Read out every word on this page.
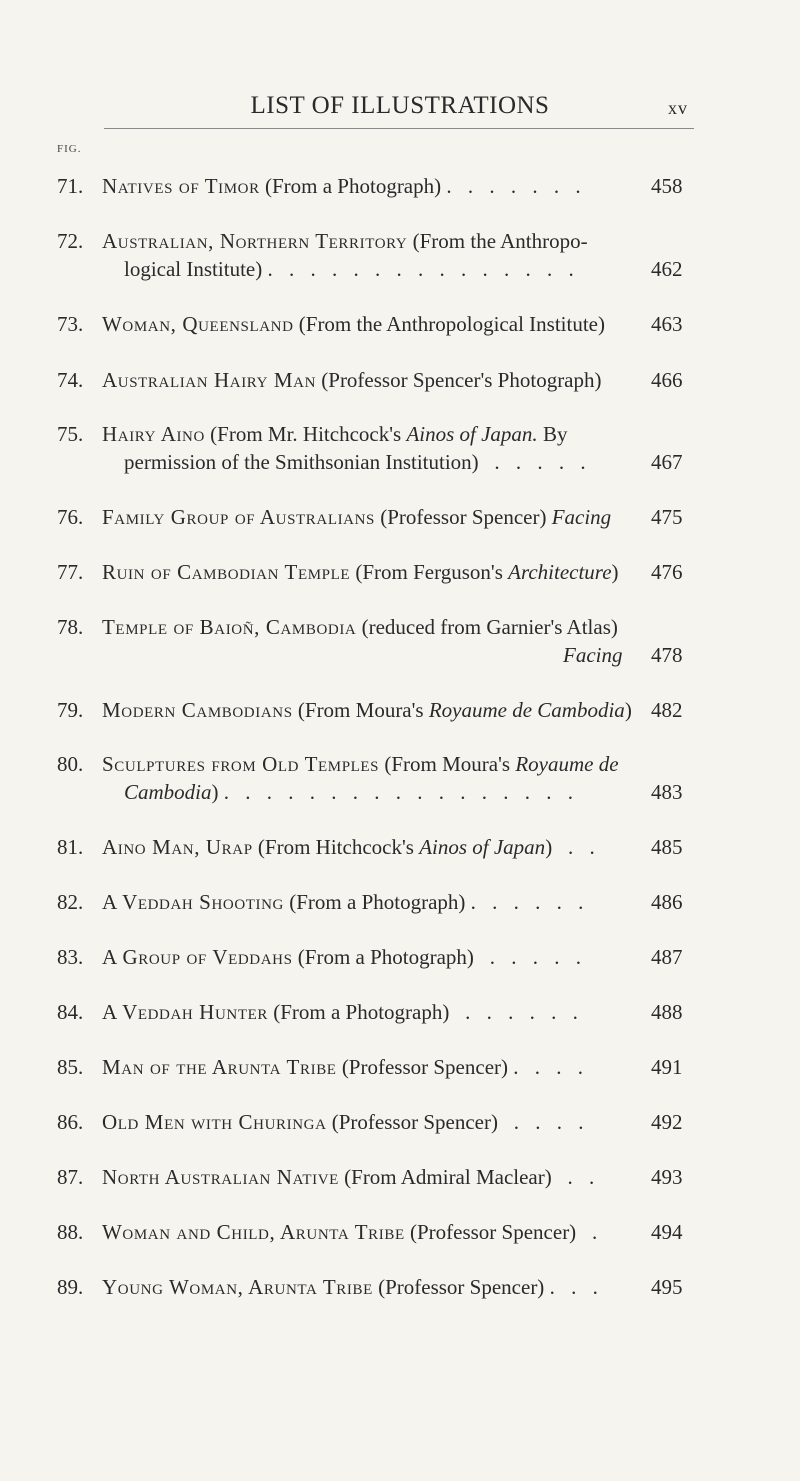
LIST OF ILLUSTRATIONS	xv
FIG.
71. Natives of Timor (From a Photograph) . . . . . . .	458
72. Australian, Northern Territory (From the Anthropo-
logical Institute) . . . . . . . . . . . . . . .	462
73. Woman, Queensland (From the Anthropological Institute) 463
74. Australian Hairy Man (Professor Spencer's Photograph) 466
75. Hairy Aino (From Mr. Hitchcock's Ainos of Japan. By
permission of the Smithsonian Institution) . . . . .	467
76. Family Group of Australians (Professor Spencer) Facing 475
77. Ruin of Cambodian Temple (From Ferguson's Architecture) 476
78. Temple of Baioñ, Cambodia (reduced from Garnier's Atlas)
Facing 478
79. Modern Cambodians (From Moura's Royaume de Cambodia) 482
80. Sculptures from Old Temples (From Moura's Royaume de
Cambodia) . . . . . . . . . . . . . . . . .	483
81. Aino Man, Urap (From Hitchcock's Ainos of Japan) . . 485
82. A Veddah Shooting (From a Photograph) . . . . . .	486
83. A Group of Veddahs (From a Photograph) . . . . .	487
84. A Veddah Hunter (From a Photograph) . . . . . .	488
85. Man of the Arunta Tribe (Professor Spencer) . . . .	491
86. Old Men with Churinga (Professor Spencer) . . . .	492
87. North Australian Native (From Admiral Maclear) . . 493
88. Woman and Child, Arunta Tribe (Professor Spencer) . 494
89. Young Woman, Arunta Tribe (Professor Spencer) . . . 495
